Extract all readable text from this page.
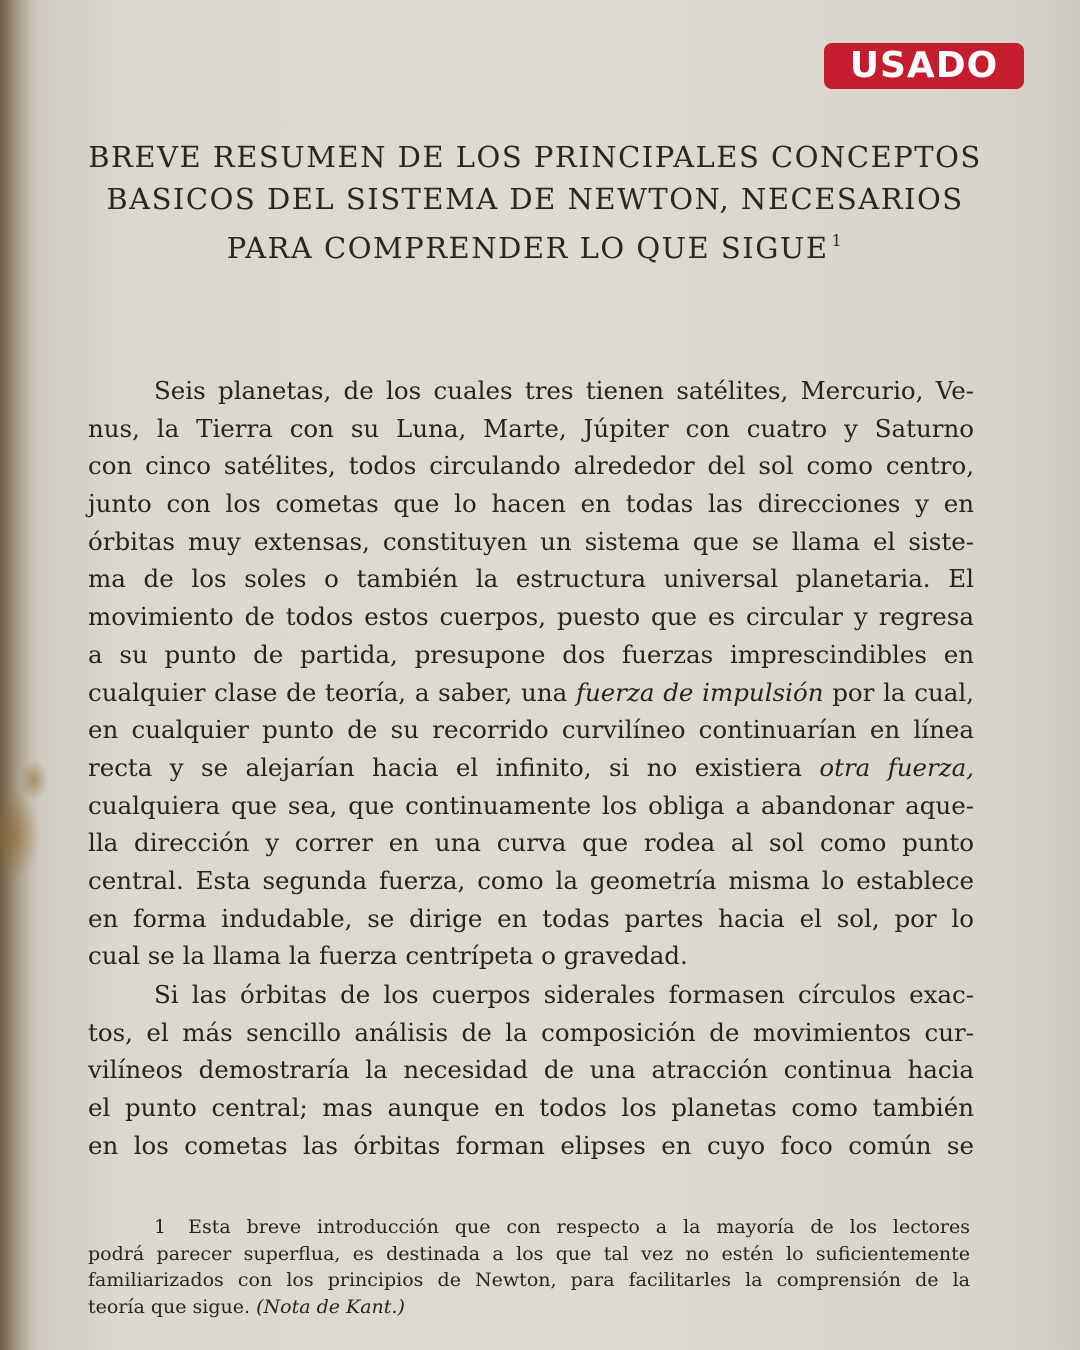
USADO
BREVE RESUMEN DE LOS PRINCIPALES CONCEPTOS
BASICOS DEL SISTEMA DE NEWTON, NECESARIOS
PARA COMPRENDER LO QUE SIGUE $^1$
Seis planetas, de los cuales tres tienen satélites, Mercurio, Ve-
nus, la Tierra con su Luna, Marte, Júpiter con cuatro y Saturno
con cinco satélites, todos circulando alrededor del sol como centro,
junto con los cometas que lo hacen en todas las direcciones y en
órbitas muy extensas, constituyen un sistema que se llama el siste-
ma de los soles o también la estructura universal planetaria. El
movimiento de todos estos cuerpos, puesto que es circular y regresa
a su punto de partida, presupone dos fuerzas imprescindibles en
cualquier clase de teoría, a saber, una fuerza de impulsión por la cual,
en cualquier punto de su recorrido curvilíneo continuarían en línea
recta y se alejarían hacia el infinito, si no existiera otra fuerza,
cualquiera que sea, que continuamente los obliga a abandonar aque-
lla dirección y correr en una curva que rodea al sol como punto
central. Esta segunda fuerza, como la geometría misma lo establece
en forma indudable, se dirige en todas partes hacia el sol, por lo
cual se la llama la fuerza centrípeta o gravedad.
Si las órbitas de los cuerpos siderales formasen círculos exac-
tos, el más sencillo análisis de la composición de movimientos cur-
vilíneos demostraría la necesidad de una atracción continua hacia
el punto central; mas aunque en todos los planetas como también
en los cometas las órbitas forman elipses en cuyo foco común se
1 Esta breve introducción que con respecto a la mayoría de los lectores
podrá parecer superflua, es destinada a los que tal vez no estén lo suficientemente
familiarizados con los principios de Newton, para facilitarles la comprensión de la
teoría que sigue. (Nota de Kant.)
